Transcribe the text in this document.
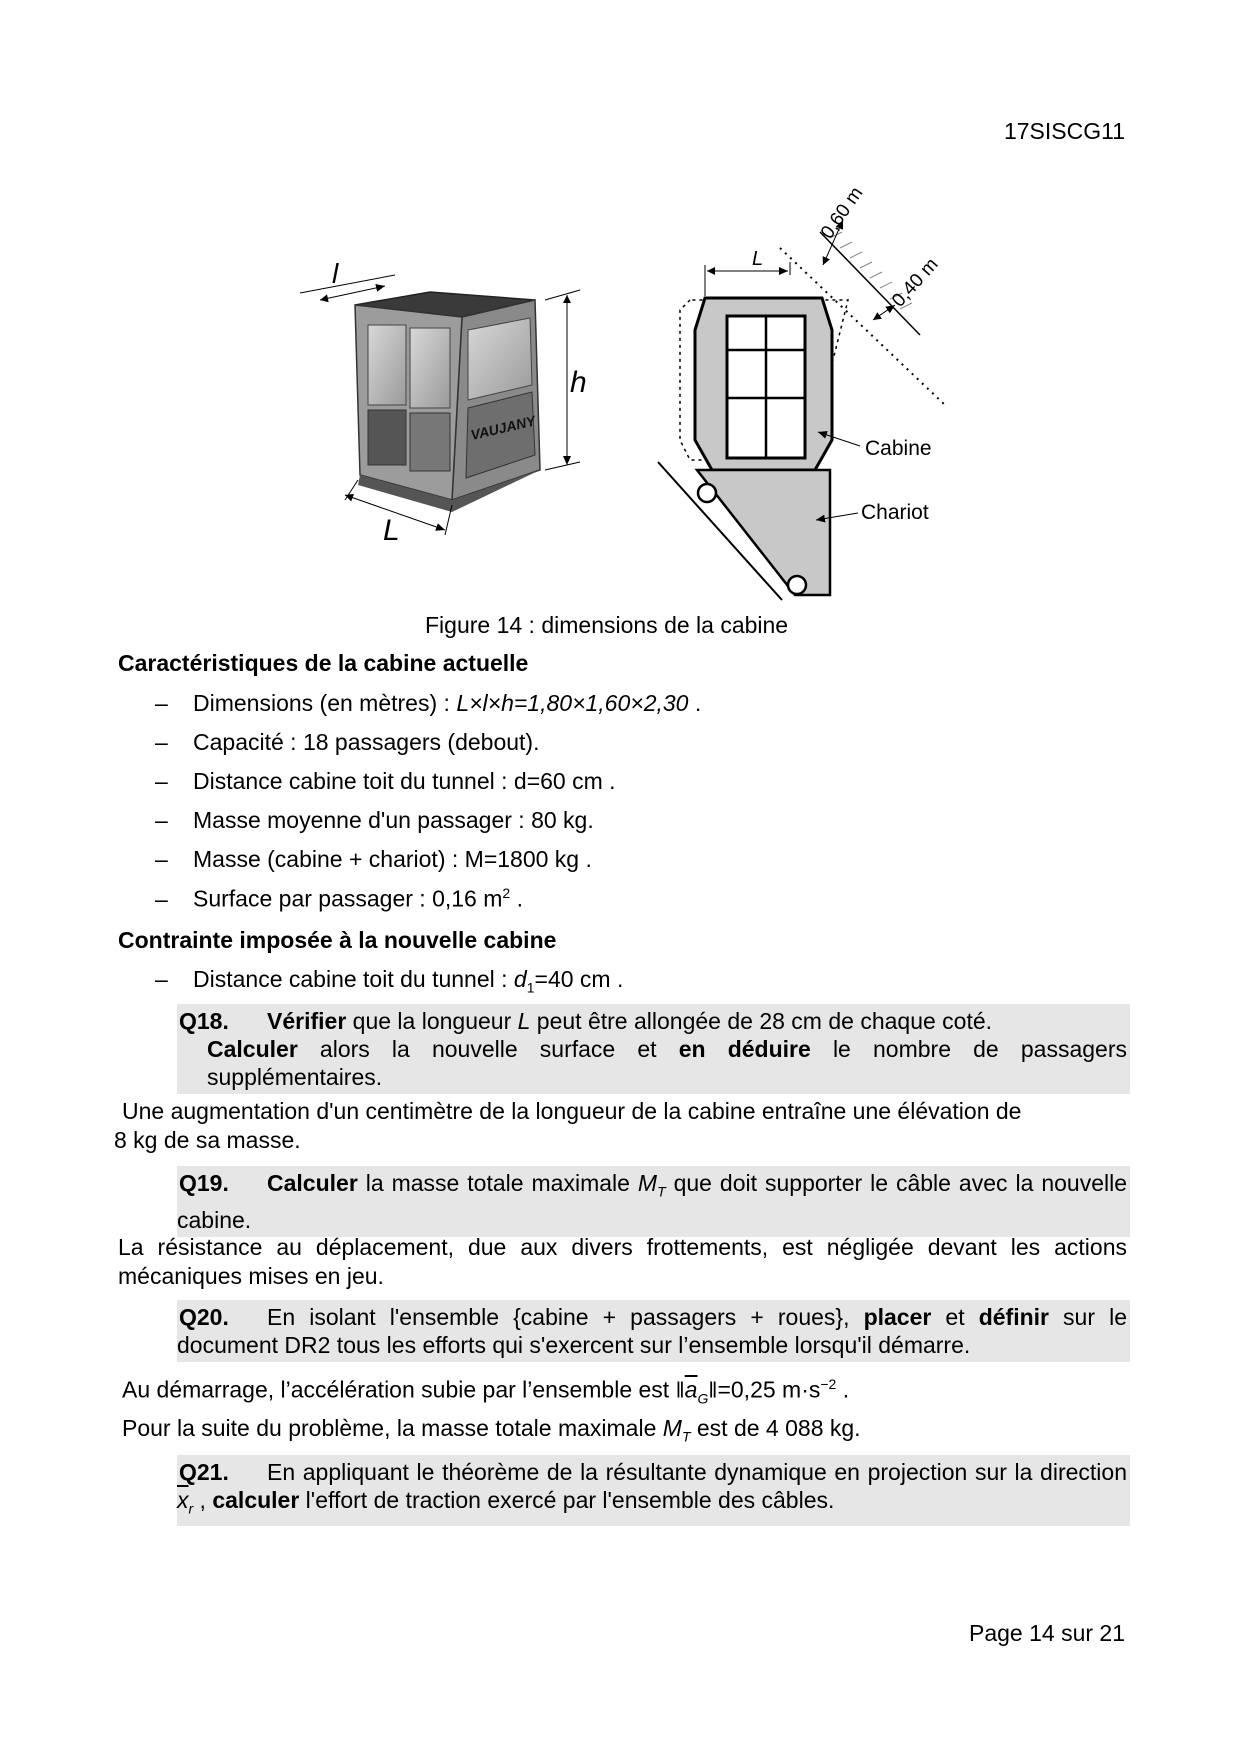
17SISCG11
VAUJANY
l
h
L
L
0,60 m
0,40 m
Cabine
Chariot
Figure 14 : dimensions de la cabine
Caractéristiques de la cabine actuelle
– Dimensions (en mètres) : L×l×h=1,80×1,60×2,30 .
– Capacité : 18 passagers (debout).
– Distance cabine toit du tunnel : d=60 cm .
– Masse moyenne d'un passager : 80 kg.
– Masse (cabine + chariot) : M=1800 kg .
– Surface par passager : 0,16 $m^2$ .
Contrainte imposée à la nouvelle cabine
– Distance cabine toit du tunnel : $d_1=40$ cm .
Q18. Vérifier que la longueur L peut être allongée de 28 cm de chaque coté.
Calculer alors la nouvelle surface et en déduire le nombre de passagers supplémentaires.
Une augmentation d'un centimètre de la longueur de la cabine entraîne une élévation de
8 kg de sa masse.
Q19. Calculer la masse totale maximale $M_T$ que doit supporter le câble avec la nouvelle cabine.
La résistance au déplacement, due aux divers frottements, est négligée devant les actions mécaniques mises en jeu.
Q20. En isolant l'ensemble {cabine + passagers + roues}, placer et définir sur le document DR2 tous les efforts qui s'exercent sur l’ensemble lorsqu'il démarre.
Au démarrage, l’accélération subie par l’ensemble est $‖\overline{a}_G‖=0,25$ $m\cdot s^{-2}$ .
Pour la suite du problème, la masse totale maximale $M_T$ est de 4 088 kg.
Q21. En appliquant le théorème de la résultante dynamique en projection sur la direction $\overline{x}_r$ , calculer l'effort de traction exercé par l'ensemble des câbles.
Page 14 sur 21
